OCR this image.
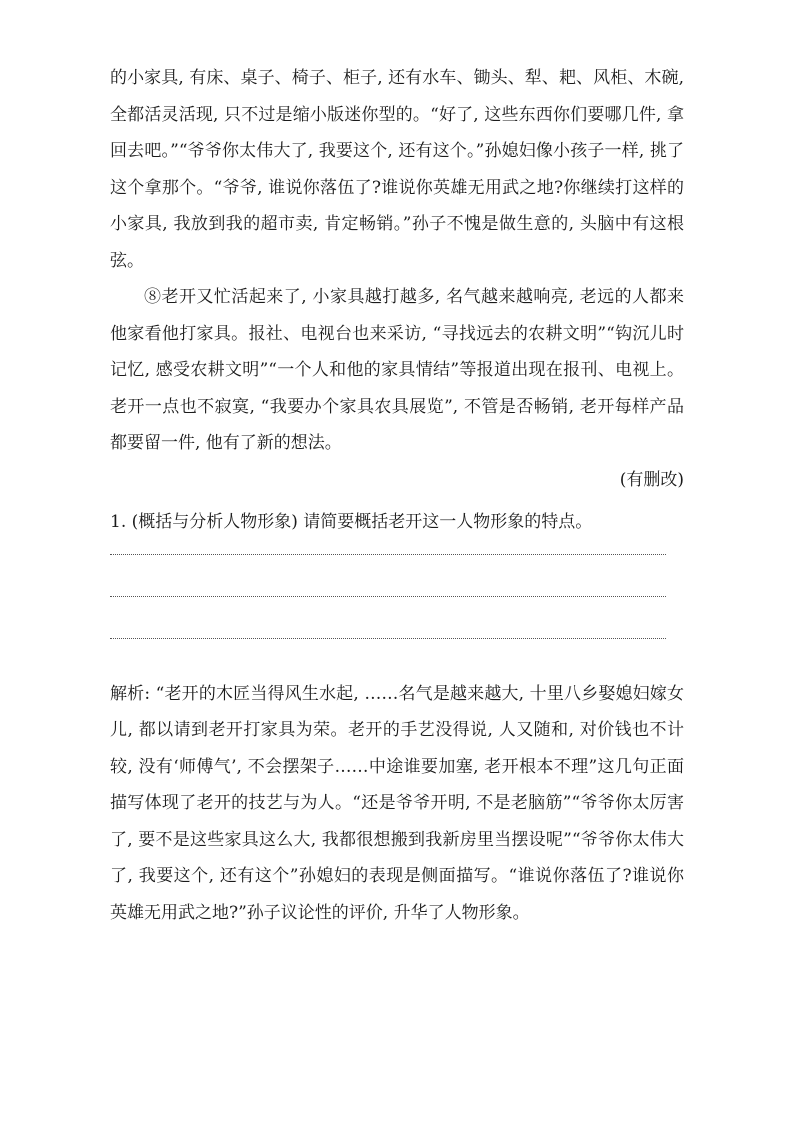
的小家具, 有床、桌子、椅子、柜子, 还有水车、锄头、犁、耙、风柜、木碗, 全都活灵活现, 只不过是缩小版迷你型的。“好了, 这些东西你们要哪几件, 拿回去吧。”“爷爷你太伟大了, 我要这个, 还有这个。”孙媳妇像小孩子一样, 挑了这个拿那个。“爷爷, 谁说你落伍了?谁说你英雄无用武之地?你继续打这样的小家具, 我放到我的超市卖, 肯定畅销。”孙子不愧是做生意的, 头脑中有这根弦。

⑧老开又忙活起来了, 小家具越打越多, 名气越来越响亮, 老远的人都来他家看他打家具。报社、电视台也来采访, “寻找远去的农耕文明”“钩沉儿时记忆, 感受农耕文明”“一个人和他的家具情结”等报道出现在报刊、电视上。老开一点也不寂寞, “我要办个家具农具展览”, 不管是否畅销, 老开每样产品都要留一件, 他有了新的想法。

(有删改)

1. (概括与分析人物形象) 请简要概括老开这一人物形象的特点。

解析: “老开的木匠当得风生水起, ……名气是越来越大, 十里八乡娶媳妇嫁女儿, 都以请到老开打家具为荣。老开的手艺没得说, 人又随和, 对价钱也不计较, 没有‘师傅气’, 不会摆架子……中途谁要加塞, 老开根本不理”这几句正面描写体现了老开的技艺与为人。“还是爷爷开明, 不是老脑筋”“爷爷你太厉害了, 要不是这些家具这么大, 我都很想搬到我新房里当摆设呢”“爷爷你太伟大了, 我要这个, 还有这个”孙媳妇的表现是侧面描写。“谁说你落伍了?谁说你英雄无用武之地?”孙子议论性的评价, 升华了人物形象。
